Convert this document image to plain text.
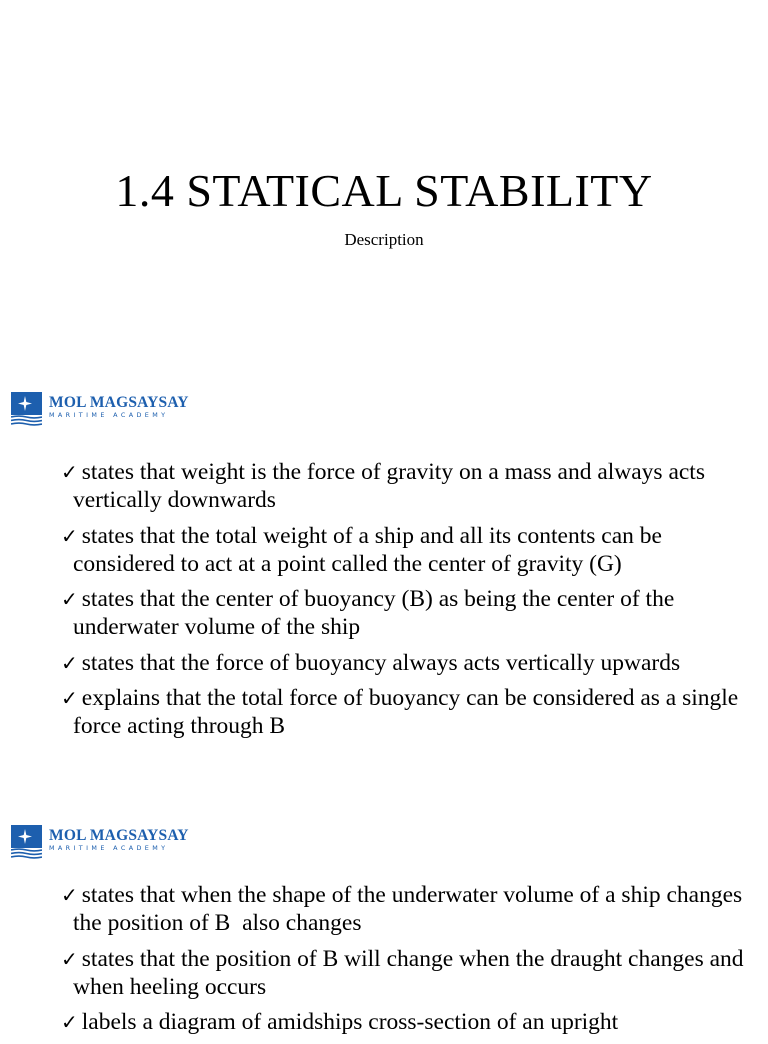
1.4 STATICAL STABILITY
Description
MOL MAGSAYSAY
MARITIME ACADEMY
✓ states that weight is the force of gravity on a mass and always acts vertically downwards
✓ states that the total weight of a ship and all its contents can be considered to act at a point called the center of gravity (G)
✓ states that the center of buoyancy (B) as being the center of the underwater volume of the ship
✓ states that the force of buoyancy always acts vertically upwards
✓ explains that the total force of buoyancy can be considered as a single force acting through B
MOL MAGSAYSAY
MARITIME ACADEMY
✓ states that when the shape of the underwater volume of a ship changes the position of B  also changes
✓ states that the position of B will change when the draught changes and when heeling occurs
✓ labels a diagram of amidships cross-section of an upright
